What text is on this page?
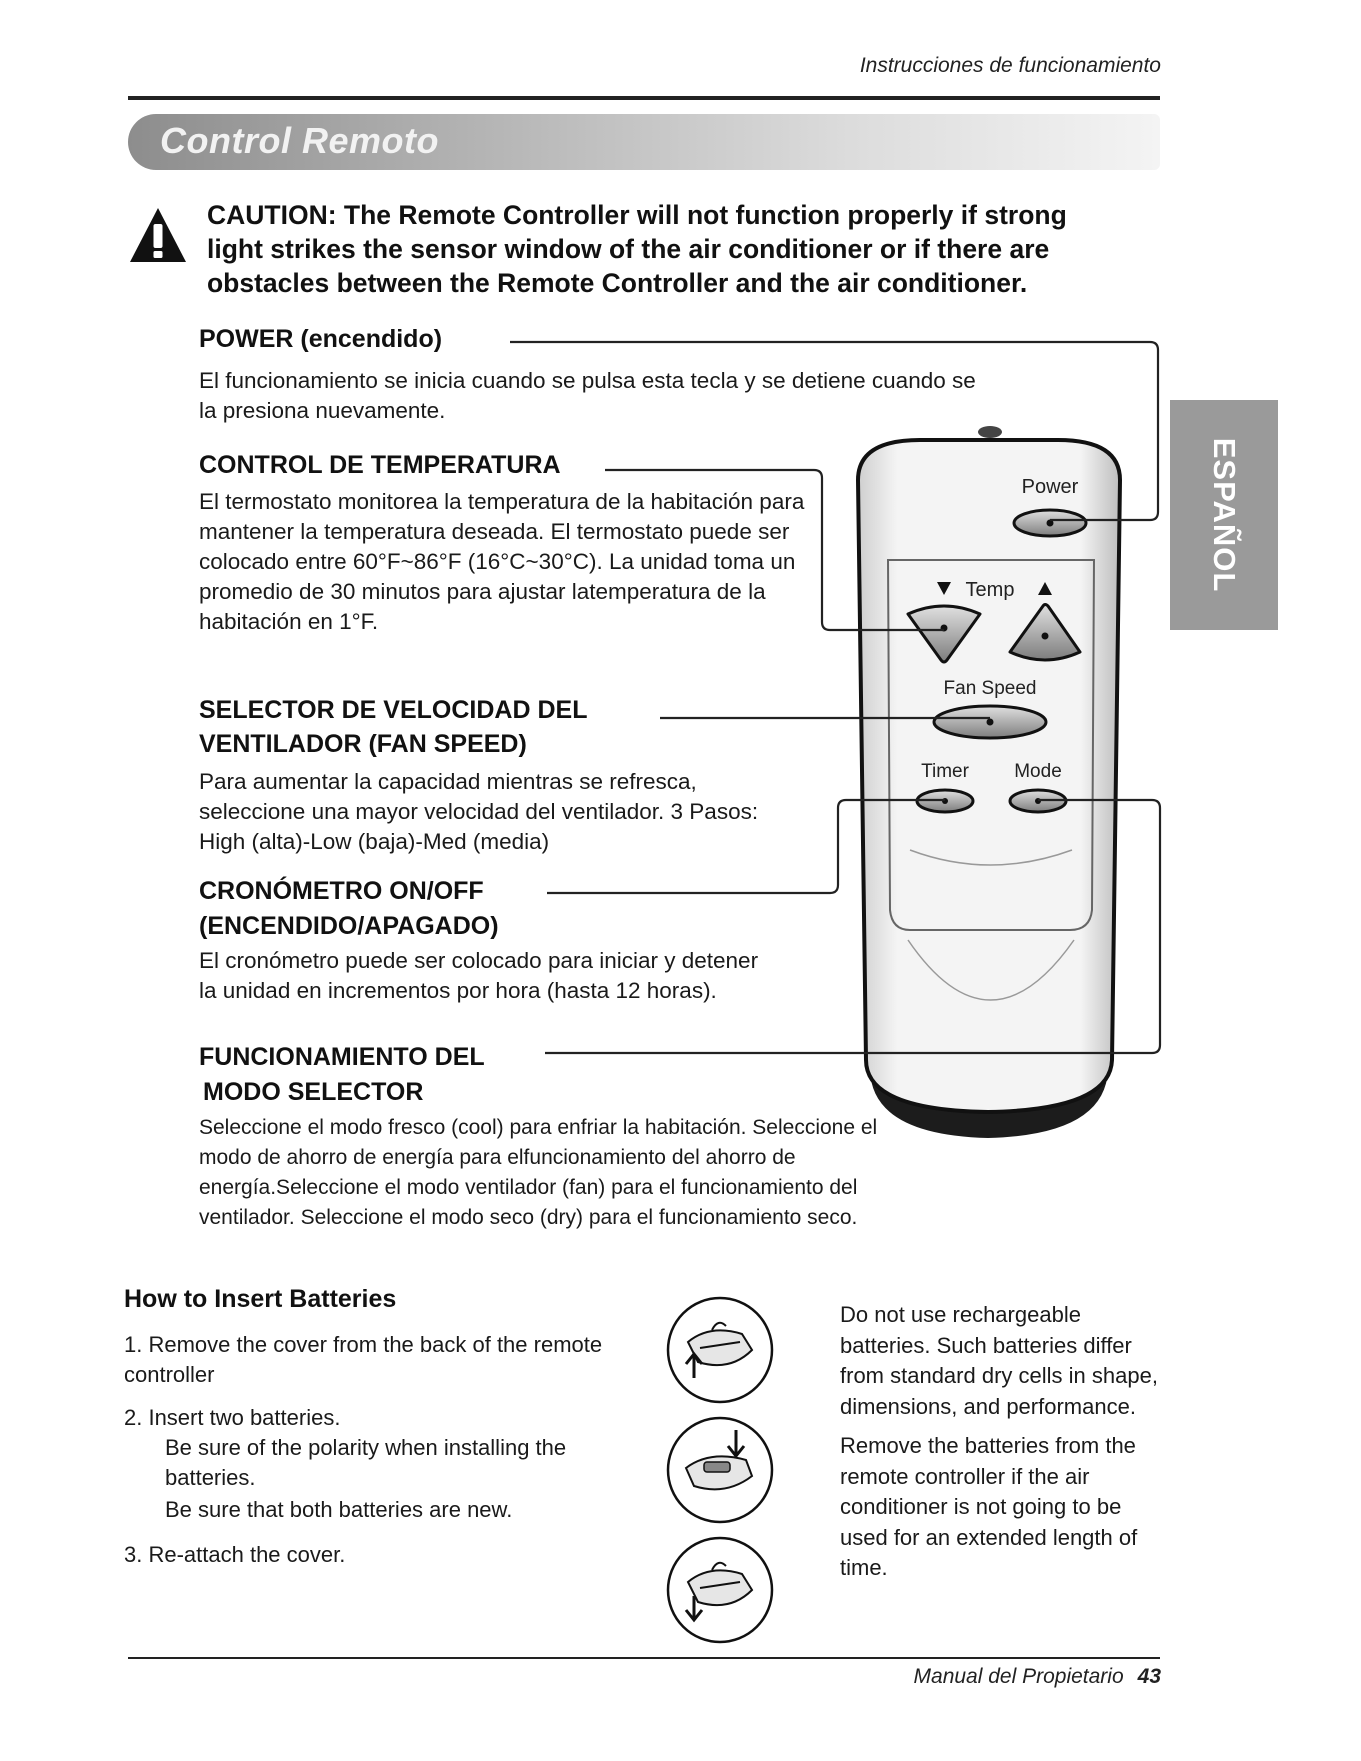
Instrucciones de funcionamiento
Control Remoto
CAUTION: The Remote Controller will not function properly if strong light strikes the sensor window of the air conditioner or if there are obstacles between the Remote Controller and the air conditioner.
ESPAÑOL
Power
Temp
Fan Speed
Timer Mode
POWER (encendido)
El funcionamiento se inicia cuando se pulsa esta tecla y se detiene cuando se la presiona nuevamente.
CONTROL DE TEMPERATURA
El termostato monitorea la temperatura de la habitación para mantener la temperatura deseada. El termostato puede ser colocado entre 60°F~86°F (16°C~30°C). La unidad toma un promedio de 30 minutos para ajustar latemperatura de la habitación en 1°F.
SELECTOR DE VELOCIDAD DEL
VENTILADOR (FAN SPEED)
Para aumentar la capacidad mientras se refresca, seleccione una mayor velocidad del ventilador. 3 Pasos: High (alta)-Low (baja)-Med (media)
CRONÓMETRO ON/OFF
(ENCENDIDO/APAGADO)
El cronómetro puede ser colocado para iniciar y detener la unidad en incrementos por hora (hasta 12 horas).
FUNCIONAMIENTO DEL
MODO SELECTOR
Seleccione el modo fresco (cool) para enfriar la habitación. Seleccione el modo de ahorro de energía para elfuncionamiento del ahorro de energía.Seleccione el modo ventilador (fan) para el funcionamiento del ventilador. Seleccione el modo seco (dry) para el funcionamiento seco.
How to Insert Batteries
1. Remove the cover from the back of the remote controller
2. Insert two batteries.
Be sure of the polarity when installing the batteries.
Be sure that both batteries are new.
3. Re-attach the cover.

Do not use rechargeable batteries. Such batteries differ from standard dry cells in shape, dimensions, and performance.

Remove the batteries from the remote controller if the air conditioner is not going to be used for an extended length of time.

Manual del Propietario 43
